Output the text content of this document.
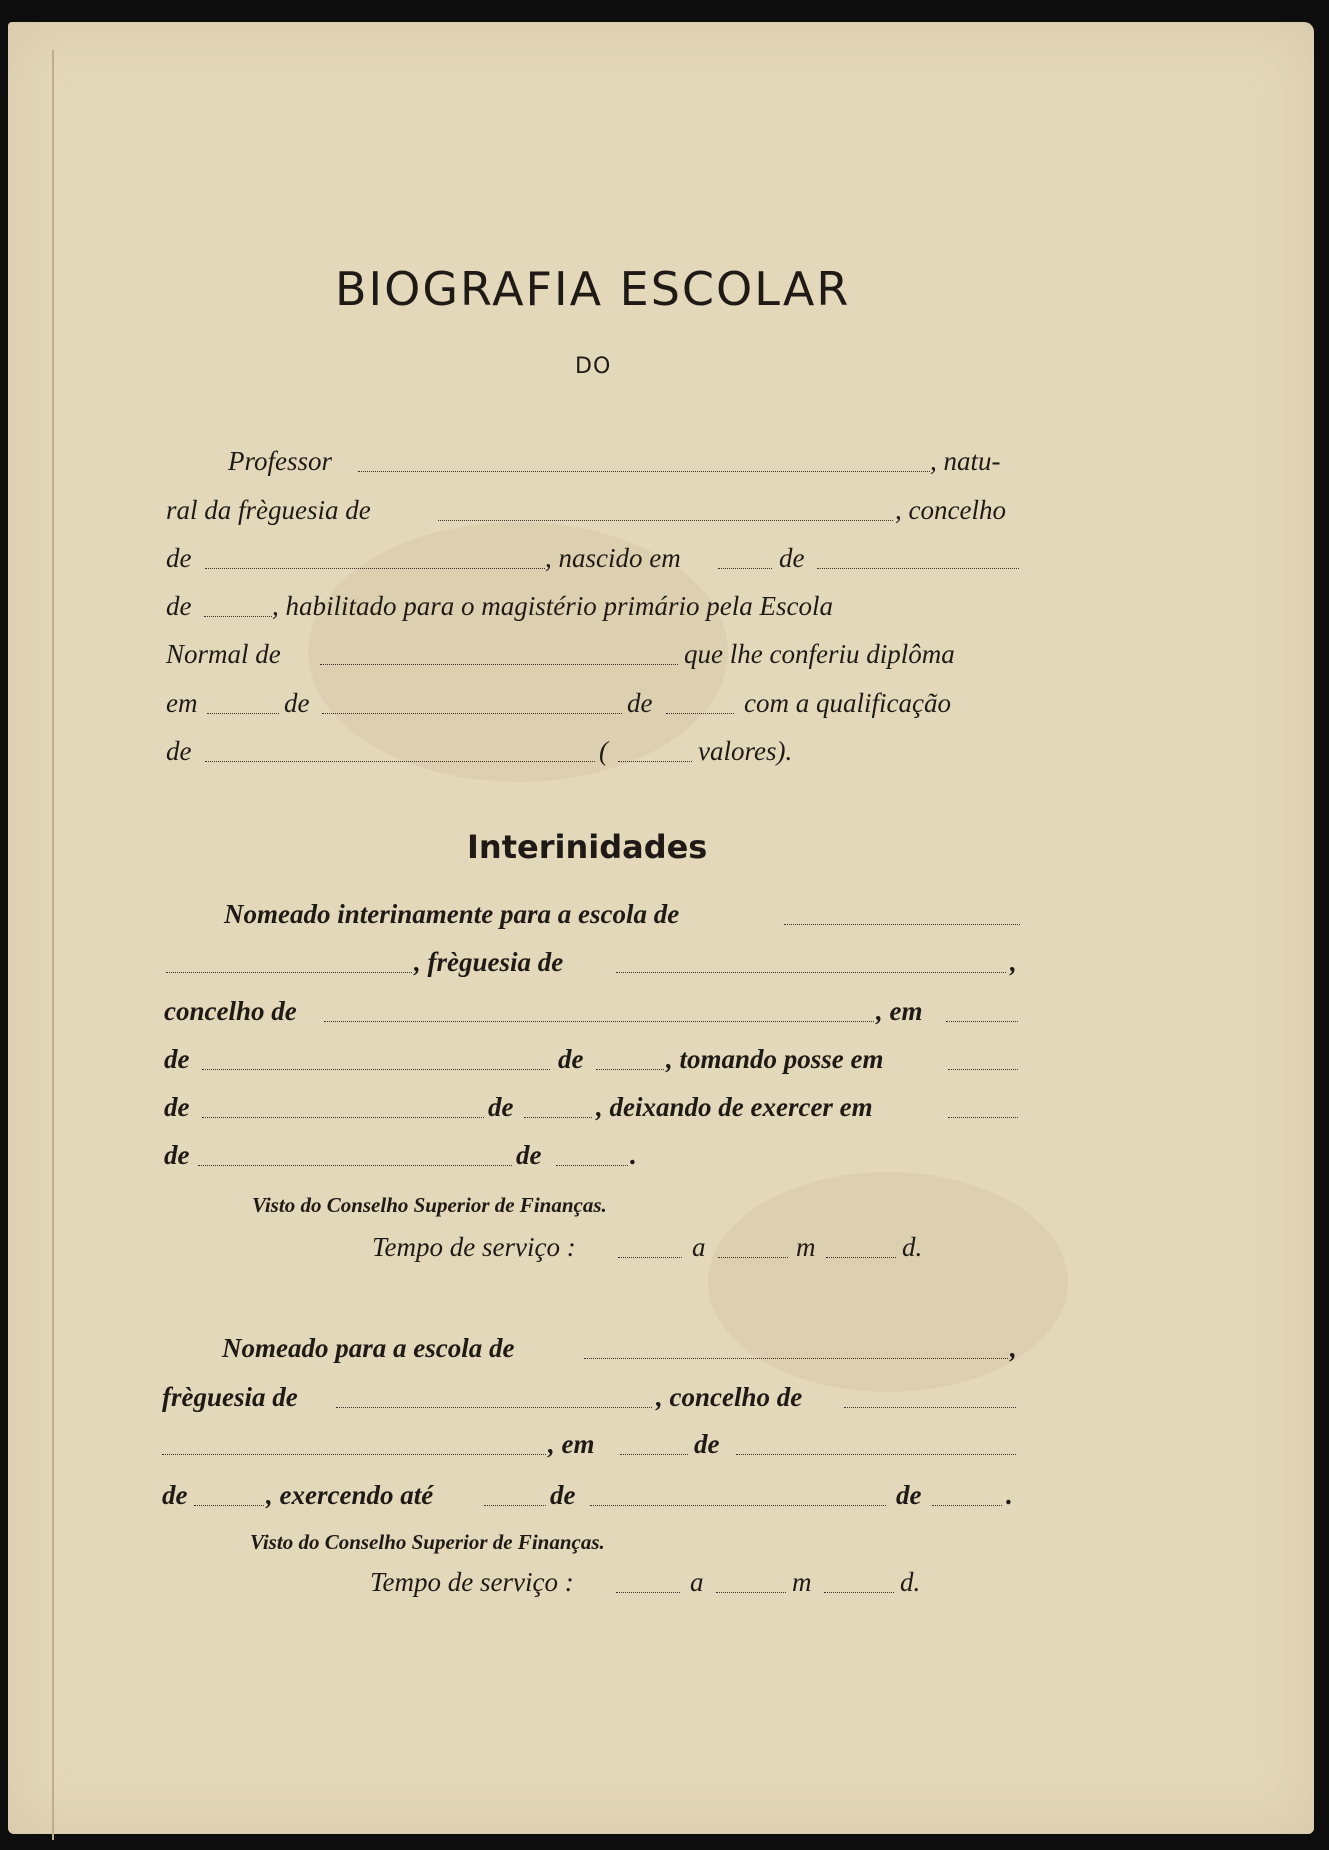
BIOGRAFIA ESCOLAR
DO
Professor	, natu-
ral da frèguesia de	, concelho
de	, nascido em	de
de	, habilitado para o magistério primário pela Escola
Normal de	que lhe conferiu diplôma
em	de	de	com a qualificação
de	(	valores).
Interinidades
Nomeado interinamente para a escola de
, frèguesia de	,
concelho de	, em
de	de	, tomando posse em
de	de	, deixando de exercer em
de	de	.
Visto do Conselho Superior de Finanças.
Tempo de serviço :	a	m	d.
Nomeado para a escola de	,
frèguesia de	, concelho de
, em	de
de	, exercendo até	de	de	.
Visto do Conselho Superior de Finanças.
Tempo de serviço :	a	m	d.
